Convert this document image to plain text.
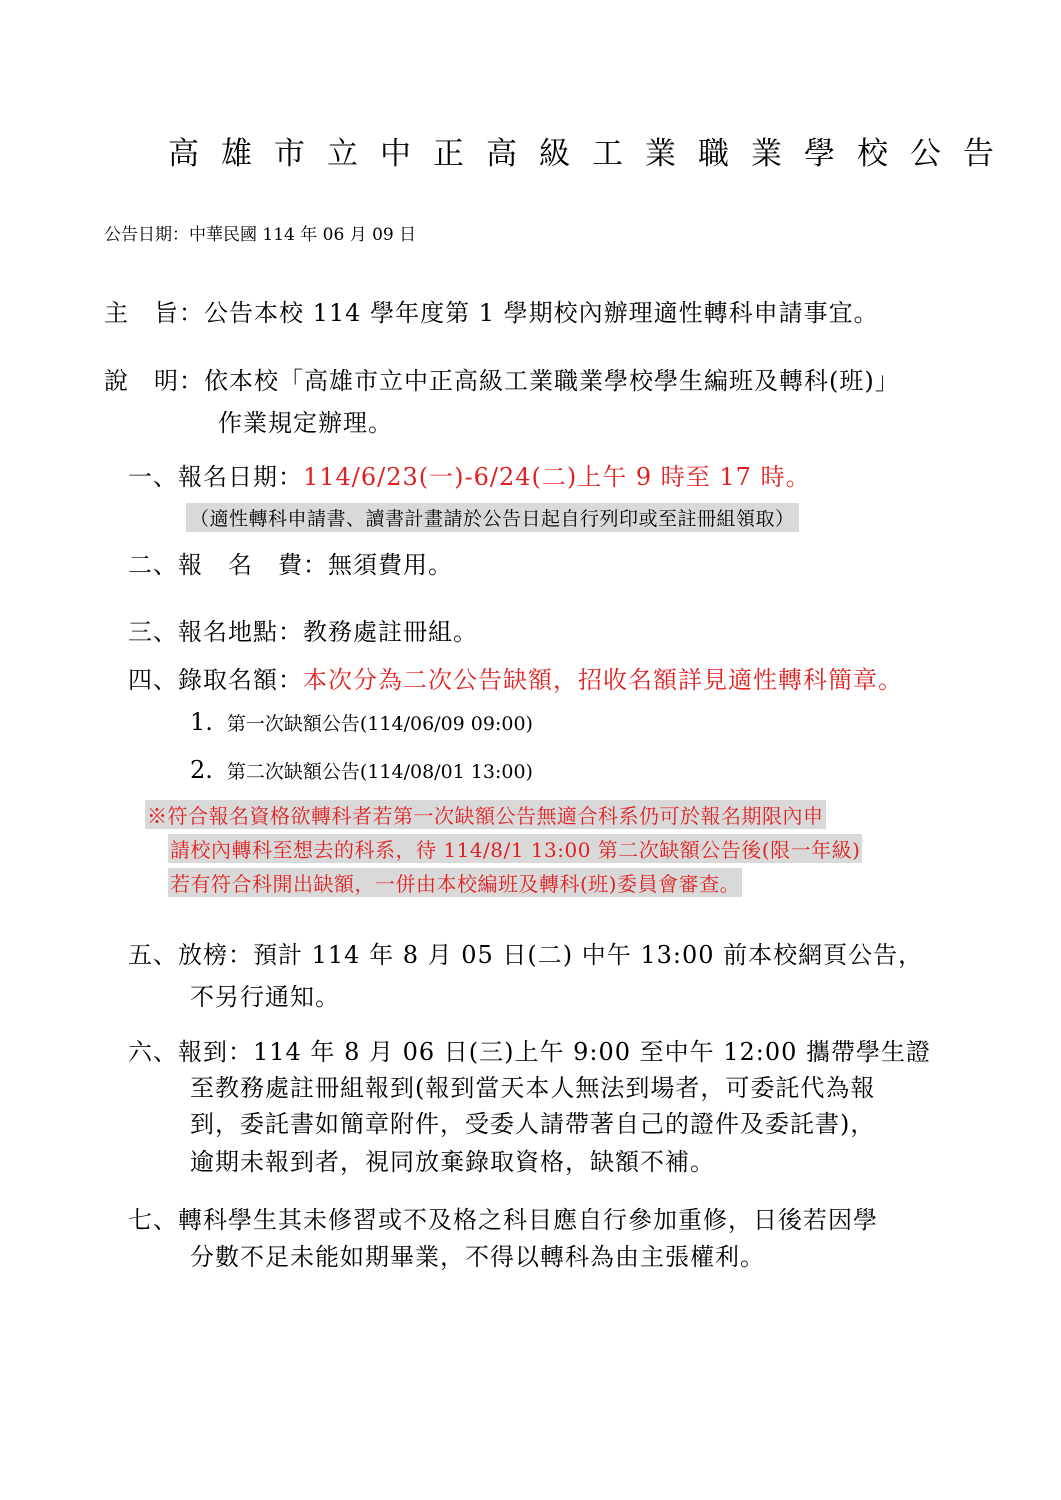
高雄市立中正高級工業職業學校公告
公告日期：中華民國 114 年 06 月 09 日
主　旨：公告本校 114 學年度第 1 學期校內辦理適性轉科申請事宜。
說　明：依本校「高雄市立中正高級工業職業學校學生編班及轉科(班)」
作業規定辦理。
一、報名日期：114/6/23(一)-6/24(二)上午 9 時至 17 時。
（適性轉科申請書、讀書計畫請於公告日起自行列印或至註冊組領取）
二、報　名　費：無須費用。
三、報名地點：教務處註冊組。
四、錄取名額：本次分為二次公告缺額，招收名額詳見適性轉科簡章。
1. 第一次缺額公告(114/06/09 09:00)
2. 第二次缺額公告(114/08/01 13:00)
※符合報名資格欲轉科者若第一次缺額公告無適合科系仍可於報名期限內申
請校內轉科至想去的科系，待 114/8/1 13:00 第二次缺額公告後(限一年級)
若有符合科開出缺額，一併由本校編班及轉科(班)委員會審查。
五、放榜：預計 114 年 8 月 05 日(二) 中午 13:00 前本校網頁公告，
不另行通知。
六、報到：114 年 8 月 06 日(三)上午 9:00 至中午 12:00 攜帶學生證
至教務處註冊組報到(報到當天本人無法到場者，可委託代為報
到，委託書如簡章附件，受委人請帶著自己的證件及委託書)，
逾期未報到者，視同放棄錄取資格，缺額不補。
七、轉科學生其未修習或不及格之科目應自行參加重修，日後若因學
分數不足未能如期畢業，不得以轉科為由主張權利。
